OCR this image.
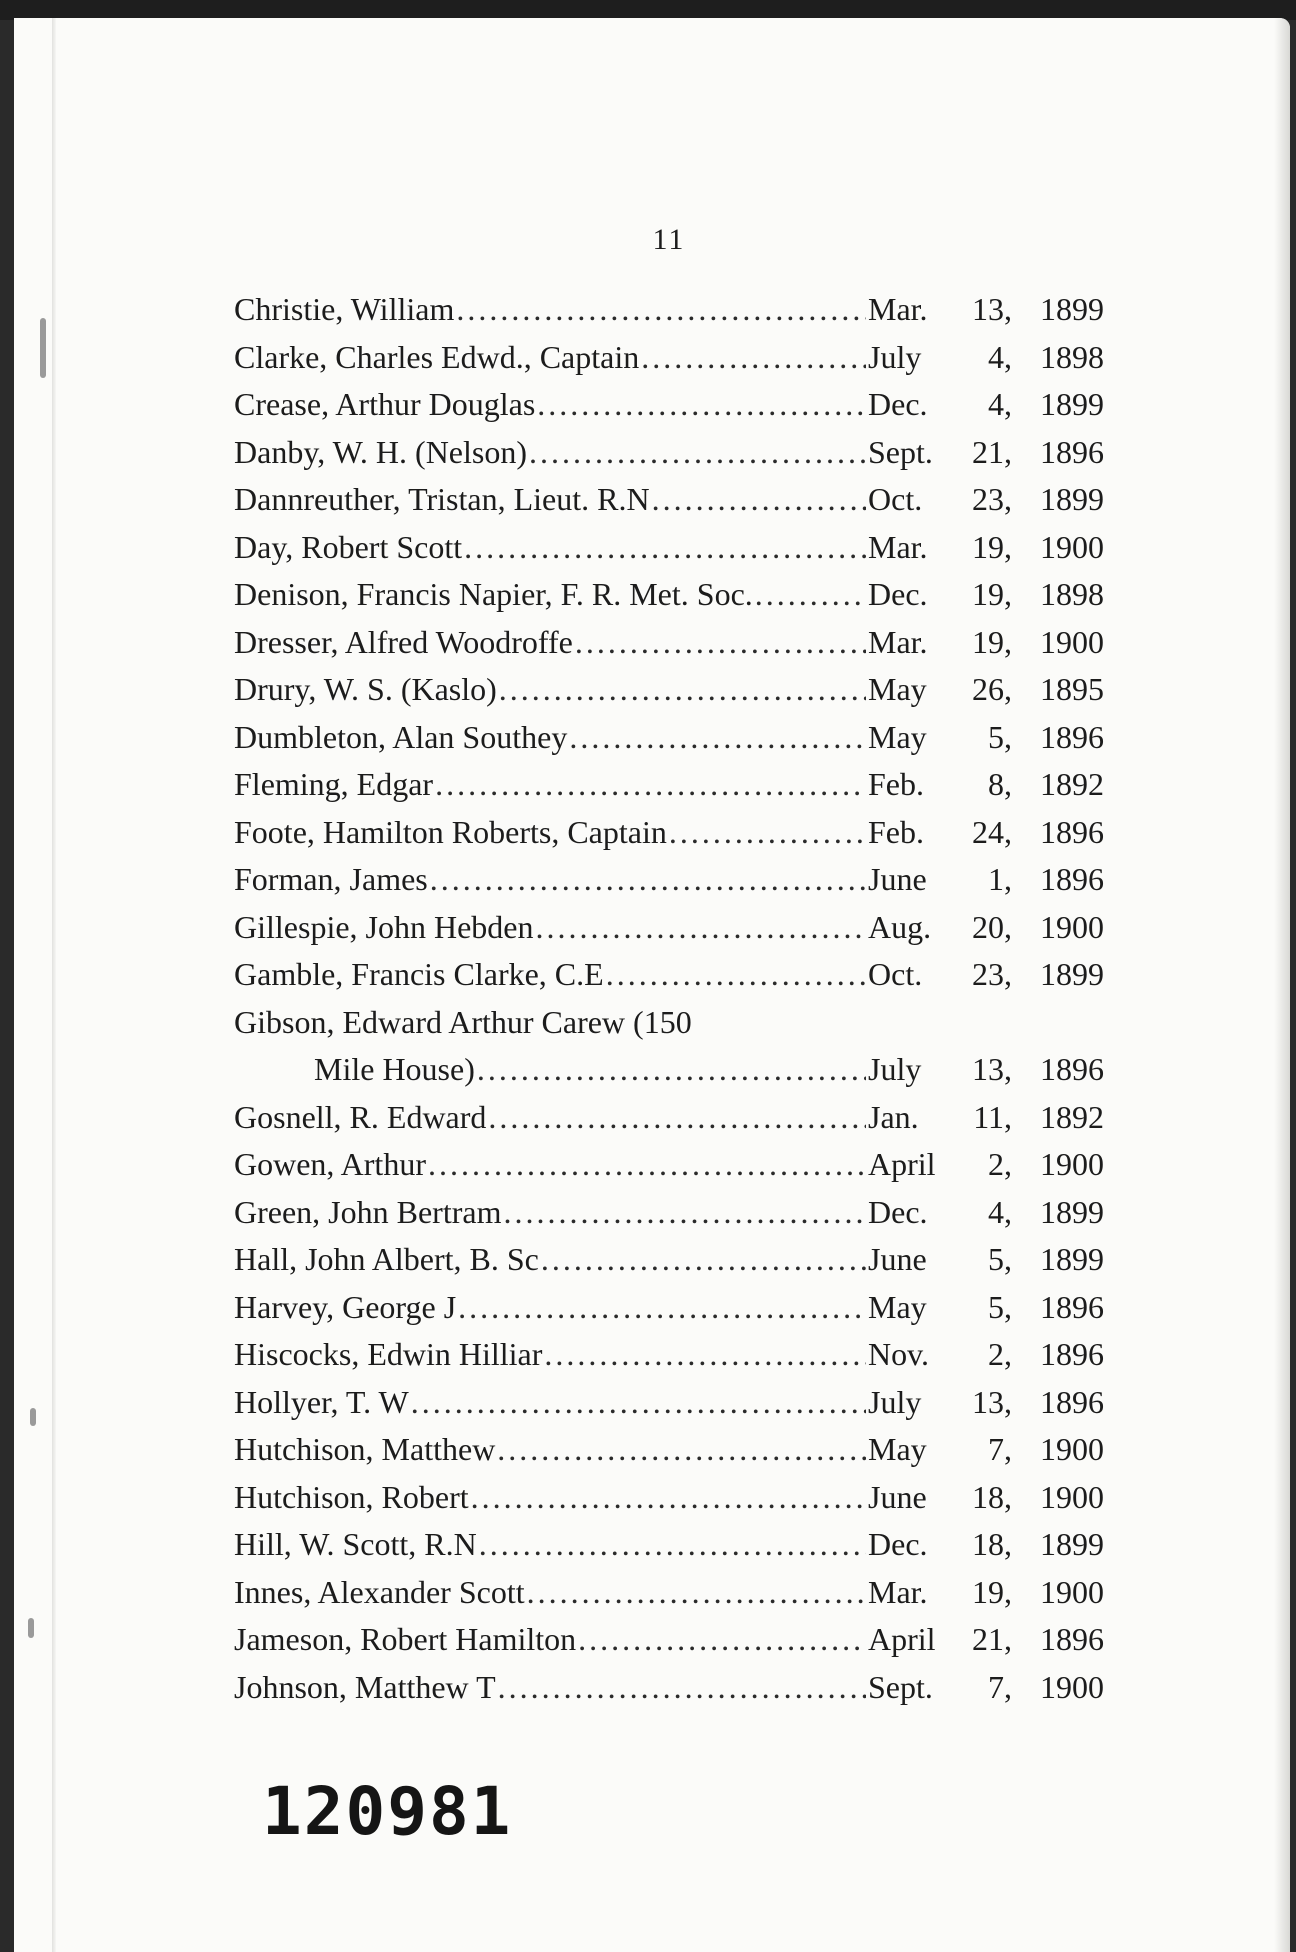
11
Christie, William .....	Mar.	13, 1899
Clarke, Charles Edwd., Captain .....	July	4, 1898
Crease, Arthur Douglas .....	Dec.	4, 1899
Danby, W. H. (Nelson) .....	Sept.	21, 1896
Dannreuther, Tristan, Lieut. R.N .....	Oct.	23, 1899
Day, Robert Scott .....	Mar.	19, 1900
Denison, Francis Napier, F. R. Met. Soc. .....	Dec.	19, 1898
Dresser, Alfred Woodroffe .....	Mar.	19, 1900
Drury, W. S. (Kaslo) .....	May	26, 1895
Dumbleton, Alan Southey .....	May	5, 1896
Fleming, Edgar .....	Feb.	8, 1892
Foote, Hamilton Roberts, Captain .....	Feb.	24, 1896
Forman, James .....	June	1, 1896
Gillespie, John Hebden .....	Aug.	20, 1900
Gamble, Francis Clarke, C.E .....	Oct.	23, 1899
Gibson, Edward Arthur Carew (150
Mile House) .....	July	13, 1896
Gosnell, R. Edward .....	Jan.	11, 1892
Gowen, Arthur .....	April	2, 1900
Green, John Bertram .....	Dec.	4, 1899
Hall, John Albert, B. Sc .....	June	5, 1899
Harvey, George J .....	May	5, 1896
Hiscocks, Edwin Hilliar .....	Nov.	2, 1896
Hollyer, T. W .....	July	13, 1896
Hutchison, Matthew .....	May	7, 1900
Hutchison, Robert .....	June	18, 1900
Hill, W. Scott, R.N .....	Dec.	18, 1899
Innes, Alexander Scott .....	Mar.	19, 1900
Jameson, Robert Hamilton .....	April	21, 1896
Johnson, Matthew T .....	Sept.	7, 1900
120981
